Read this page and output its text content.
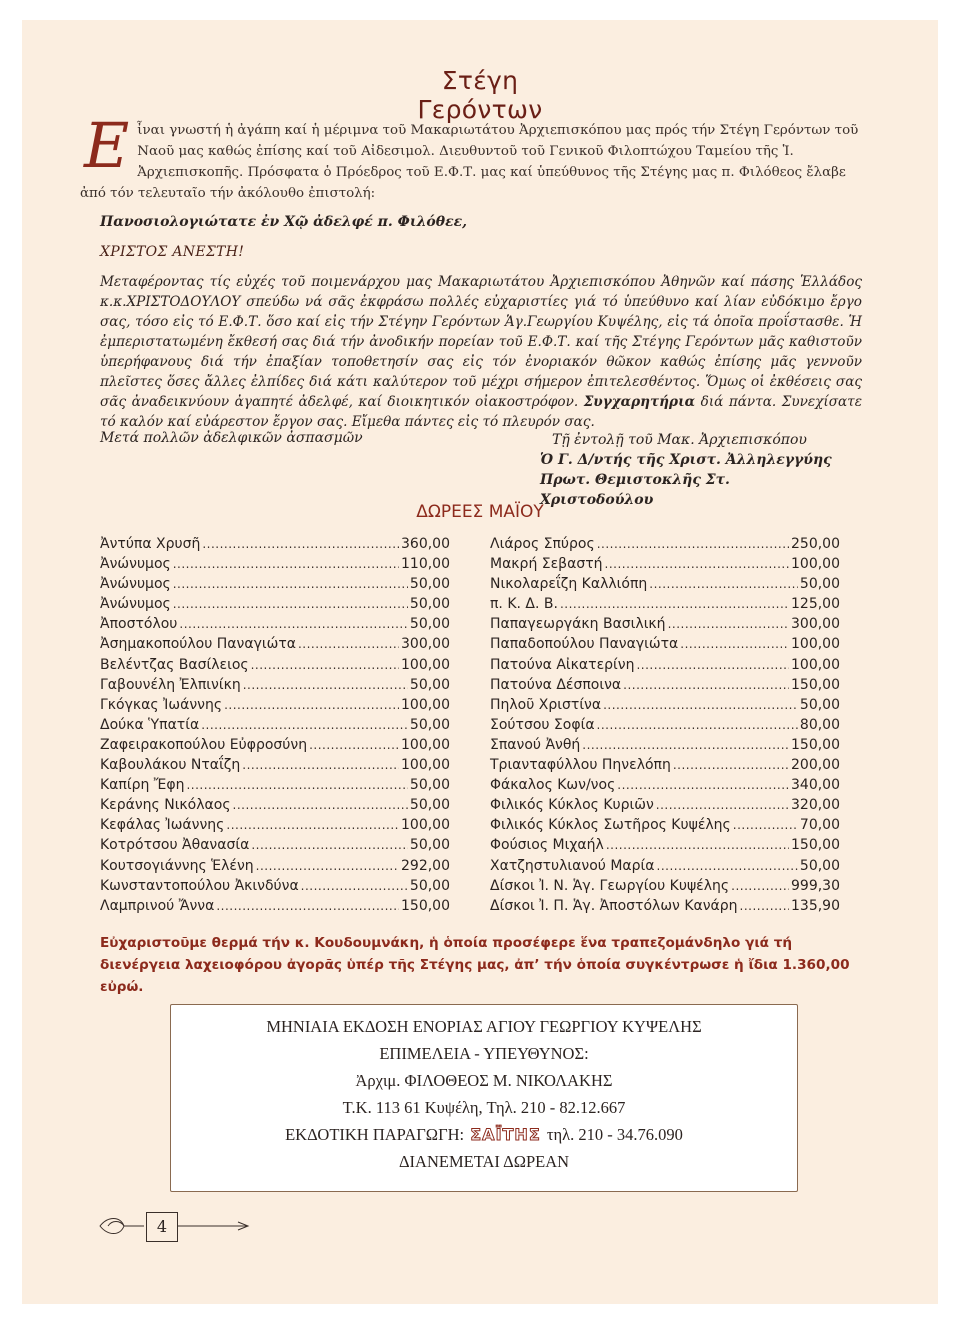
Στέγη Γερόντων
Ε ἶναι γνωστή ἡ ἀγάπη καί ἡ μέριμνα τοῦ Μακαριωτάτου Ἀρχιεπισκόπου μας πρός τήν Στέγη Γερόντων τοῦ Ναοῦ μας καθώς ἐπίσης καί τοῦ Αἰδεσιμολ. Διευθυντοῦ τοῦ Γενικοῦ Φιλοπτώχου Ταμείου τῆς Ἱ. Ἀρχιεπισκοπῆς. Πρόσφατα ὁ Πρόεδρος τοῦ Ε.Φ.Τ. μας καί ὑπεύθυνος τῆς Στέγης μας π. Φιλόθεος ἔλαβε ἀπό τόν τελευταῖο τήν ἀκόλουθο ἐπιστολή:
Πανοσιολογιώτατε ἐν Χῷ ἀδελφέ π. Φιλόθεε,
ΧΡΙΣΤΟΣ ΑΝΕΣΤΗ!
Μεταφέροντας τίς εὐχές τοῦ ποιμενάρχου μας Μακαριωτάτου Ἀρχιεπισκόπου Ἀθηνῶν καί πάσης Ἑλλάδος κ.κ.ΧΡΙΣΤΟΔΟΥΛΟΥ σπεύδω νά σᾶς ἐκφράσω πολλές εὐχαριστίες γιά τό ὑπεύθυνο καί λίαν εὐδόκιμο ἔργο σας, τόσο εἰς τό Ε.Φ.Τ. ὅσο καί εἰς τήν Στέγην Γερόντων Ἁγ.Γεωργίου Κυψέλης, εἰς τά ὁποῖα προΐστασθε. Ἡ ἐμπεριστατωμένη ἔκθεσή σας διά τήν ἀνοδικήν πορείαν τοῦ Ε.Φ.Τ. καί τῆς Στέγης Γερόντων μᾶς καθιστοῦν ὑπερήφανους διά τήν ἐπαξίαν τοποθετησίν σας εἰς τόν ἐνοριακόν θῶκον καθώς ἐπίσης μᾶς γεννοῦν πλεῖστες ὅσες ἄλλες ἐλπίδες διά κάτι καλύτερον τοῦ μέχρι σήμερον ἐπιτελεσθέντος. Ὅμως οἱ ἐκθέσεις σας σᾶς ἀναδεικνύουν ἀγαπητέ ἀδελφέ, καί διοικητικόν οἰακοστρόφον. Συγχαρητήρια διά πάντα. Συνεχίσατε τό καλόν καί εὐάρεστον ἔργον σας. Εἴμεθα πάντες εἰς τό πλευρόν σας.
Μετά πολλῶν ἀδελφικῶν ἀσπασμῶν	Τῇ ἐντολῇ τοῦ Μακ. Ἀρχιεπισκόπου
Ὁ Γ. Δ/ντής τῆς Χριστ. Ἀλληλεγγύης
Πρωτ. Θεμιστοκλῆς Στ. Χριστοδούλου
ΔΩΡΕΕΣ ΜΑΪΟΥ
Ἀντύπα Χρυσῆ .....	360,00
Ἀνώνυμος .....	110,00
Ἀνώνυμος .....	50,00
Ἀνώνυμος .....	50,00
Ἀποστόλου .....	50,00
Ἀσημακοπούλου Παναγιώτα .....	300,00
Βελέντζας Βασίλειος .....	100,00
Γαβουνέλη Ἐλπινίκη .....	50,00
Γκόγκας Ἰωάννης .....	100,00
Δούκα Ὑπατία .....	50,00
Ζαφειρακοπούλου Εὐφροσύνη .....	100,00
Καβουλάκου Νταΐζη .....	100,00
Καπίρη Ἔφη .....	50,00
Κεράνης Νικόλαος .....	50,00
Κεφάλας Ἰωάννης .....	100,00
Κοτρότσου Ἀθανασία .....	50,00
Κουτσογιάννης Ἑλένη .....	292,00
Κωνσταντοπούλου Ἀκινδύνα .....	50,00
Λαμπρινού Ἄννα .....	150,00
Λιάρος Σπύρος .....	250,00
Μακρή Σεβαστή .....	100,00
Νικολαρεΐζη Καλλιόπη .....	50,00
π. Κ. Δ. Β. .....	125,00
Παπαγεωργάκη Βασιλική .....	300,00
Παπαδοπούλου Παναγιώτα .....	100,00
Πατούνα Αἰκατερίνη .....	100,00
Πατούνα Δέσποινα .....	150,00
Πηλοῦ Χριστίνα .....	50,00
Σούτσου Σοφία .....	80,00
Σπανού Ἀνθή .....	150,00
Τριανταφύλλου Πηνελόπη .....	200,00
Φάκαλος Κων/νος .....	340,00
Φιλικός Κύκλος Κυριῶν .....	320,00
Φιλικός Κύκλος Σωτῆρος Κυψέλης .....	70,00
Φούσιος Μιχαήλ .....	150,00
Χατζηστυλιανού Μαρία .....	50,00
Δίσκοι Ἰ. Ν. Ἁγ. Γεωργίου Κυψέλης .....	999,30
Δίσκοι Ἰ. Π. Ἁγ. Ἀποστόλων Κανάρη .....	135,90
Εὐχαριστοῦμε θερμά τήν κ. Κουδουμνάκη, ἡ ὁποία προσέφερε ἕνα τραπεζομάνδηλο γιά τή διενέργεια λαχειοφόρου ἀγορᾶς ὑπέρ τῆς Στέγης μας, ἀπ’ τήν ὁποία συγκέντρωσε ἡ ἴδια 1.360,00 εὐρώ.
ΜΗΝΙΑΙΑ ΕΚΔΟΣΗ ΕΝΟΡΙΑΣ ΑΓΙΟΥ ΓΕΩΡΓΙΟΥ ΚΥΨΕΛΗΣ
ΕΠΙΜΕΛΕΙΑ - ΥΠΕΥΘΥΝΟΣ:
Ἀρχιμ. ΦΙΛΟΘΕΟΣ Μ. ΝΙΚΟΛΑΚΗΣ
Τ.Κ. 113 61 Κυψέλη, Τηλ. 210 - 82.12.667
ΕΚΔΟΤΙΚΗ ΠΑΡΑΓΩΓΗ: ΣΑΪΤΗΣ τηλ. 210 - 34.76.090
ΔΙΑΝΕΜΕΤΑΙ ΔΩΡΕΑΝ
4
